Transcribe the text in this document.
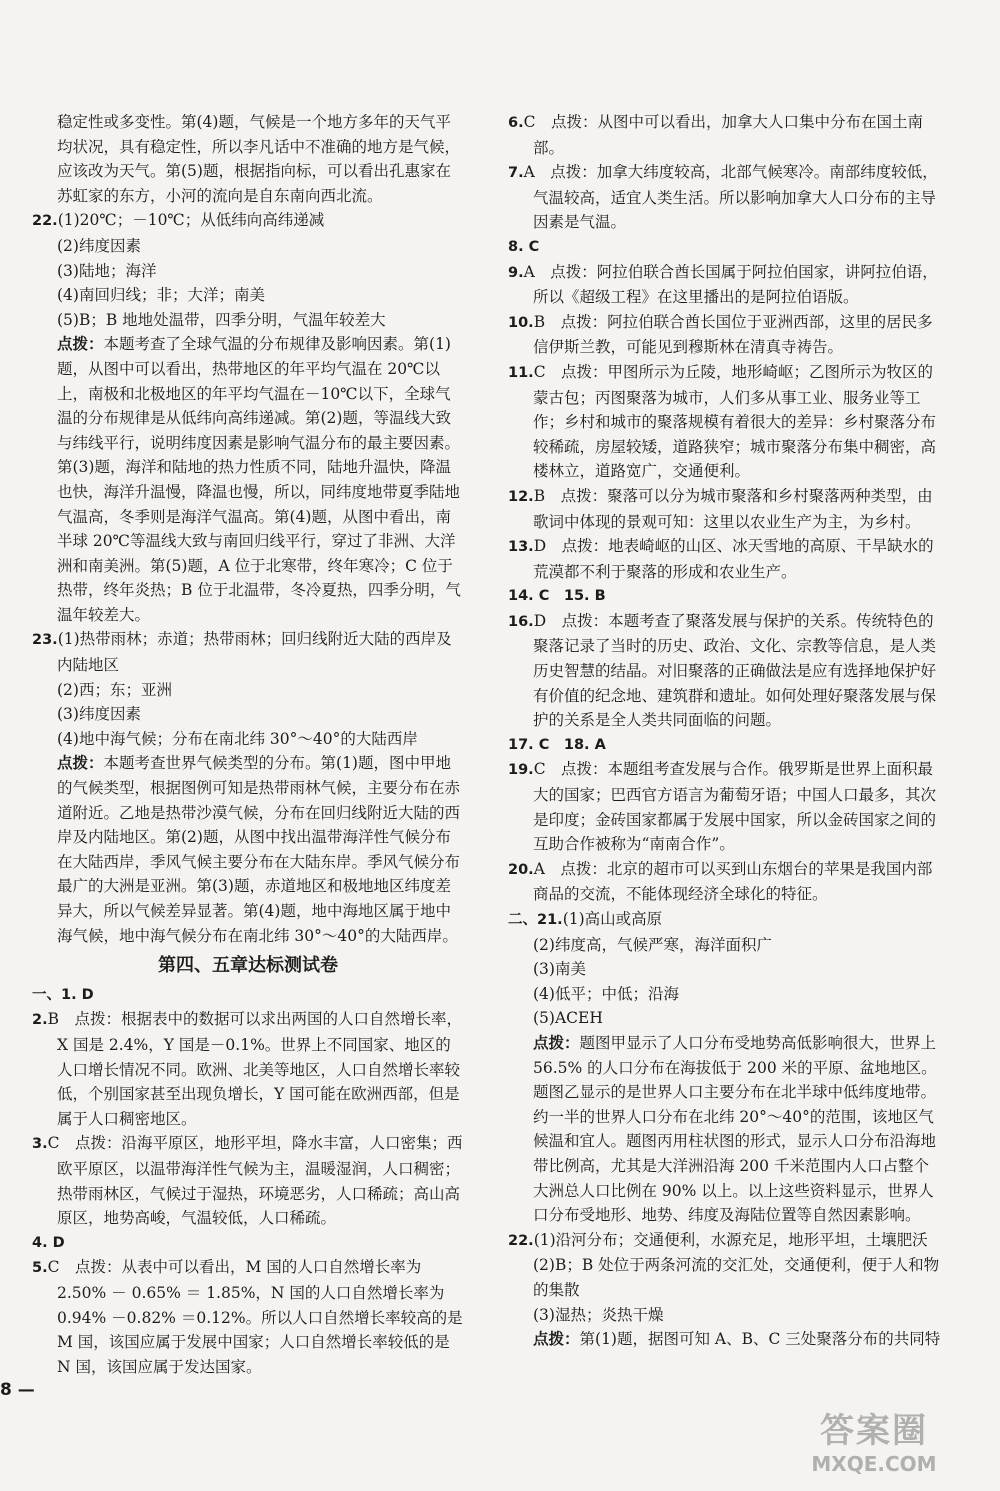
稳定性或多变性。第(4)题，气候是一个地方多年的天气平均状况，具有稳定性，所以李凡话中不准确的地方是气候，应该改为天气。第(5)题，根据指向标，可以看出孔惠家在苏虹家的东方，小河的流向是自东南向西北流。

22.(1)20℃；－10℃；从低纬向高纬递减

(2)纬度因素

(3)陆地；海洋

(4)南回归线；非；大洋；南美

(5)B；B 地地处温带，四季分明，气温年较差大

点拨：本题考查了全球气温的分布规律及影响因素。第(1)题，从图中可以看出，热带地区的年平均气温在 20℃以上，南极和北极地区的年平均气温在－10℃以下，全球气温的分布规律是从低纬向高纬递减。第(2)题，等温线大致与纬线平行，说明纬度因素是影响气温分布的最主要因素。第(3)题，海洋和陆地的热力性质不同，陆地升温快，降温也快，海洋升温慢，降温也慢，所以，同纬度地带夏季陆地气温高，冬季则是海洋气温高。第(4)题，从图中看出，南半球 20℃等温线大致与南回归线平行，穿过了非洲、大洋洲和南美洲。第(5)题，A 位于北寒带，终年寒冷；C 位于热带，终年炎热；B 位于北温带，冬冷夏热，四季分明，气温年较差大。

23.(1)热带雨林；赤道；热带雨林；回归线附近大陆的西岸及内陆地区

(2)西；东；亚洲

(3)纬度因素

(4)地中海气候；分布在南北纬 30°～40°的大陆西岸

点拨：本题考查世界气候类型的分布。第(1)题，图中甲地的气候类型，根据图例可知是热带雨林气候，主要分布在赤道附近。乙地是热带沙漠气候，分布在回归线附近大陆的西岸及内陆地区。第(2)题，从图中找出温带海洋性气候分布在大陆西岸，季风气候主要分布在大陆东岸。季风气候分布最广的大洲是亚洲。第(3)题，赤道地区和极地地区纬度差异大，所以气候差异显著。第(4)题，地中海地区属于地中海气候，地中海气候分布在南北纬 30°～40°的大陆西岸。

第四、五章达标测试卷

一、1. D

2.B　点拨：根据表中的数据可以求出两国的人口自然增长率，X 国是 2.4%，Y 国是－0.1%。世界上不同国家、地区的人口增长情况不同。欧洲、北美等地区，人口自然增长率较低，个别国家甚至出现负增长，Y 国可能在欧洲西部，但是属于人口稠密地区。

3.C　点拨：沿海平原区，地形平坦，降水丰富，人口密集；西欧平原区，以温带海洋性气候为主，温暖湿润，人口稠密；热带雨林区，气候过于湿热，环境恶劣，人口稀疏；高山高原区，地势高峻，气温较低，人口稀疏。

4. D

5.C　点拨：从表中可以看出，M 国的人口自然增长率为 2.50% － 0.65% ＝ 1.85%，N 国的人口自然增长率为 0.94% －0.82% ＝0.12%。所以人口自然增长率较高的是 M 国，该国应属于发展中国家；人口自然增长率较低的是 N 国，该国应属于发达国家。

6.C　点拨：从图中可以看出，加拿大人口集中分布在国土南部。

7.A　点拨：加拿大纬度较高，北部气候寒冷。南部纬度较低，气温较高，适宜人类生活。所以影响加拿大人口分布的主导因素是气温。

8. C

9.A　点拨：阿拉伯联合酋长国属于阿拉伯国家，讲阿拉伯语，所以《超级工程》在这里播出的是阿拉伯语版。

10.B　点拨：阿拉伯联合酋长国位于亚洲西部，这里的居民多信伊斯兰教，可能见到穆斯林在清真寺祷告。

11.C　点拨：甲图所示为丘陵，地形崎岖；乙图所示为牧区的蒙古包；丙图聚落为城市，人们多从事工业、服务业等工作；乡村和城市的聚落规模有着很大的差异：乡村聚落分布较稀疏，房屋较矮，道路狭窄；城市聚落分布集中稠密，高楼林立，道路宽广，交通便利。

12.B　点拨：聚落可以分为城市聚落和乡村聚落两种类型，由歌词中体现的景观可知：这里以农业生产为主，为乡村。

13.D　点拨：地表崎岖的山区、冰天雪地的高原、干旱缺水的荒漠都不利于聚落的形成和农业生产。

14. C　15. B

16.D　点拨：本题考查了聚落发展与保护的关系。传统特色的聚落记录了当时的历史、政治、文化、宗教等信息，是人类历史智慧的结晶。对旧聚落的正确做法是应有选择地保护好有价值的纪念地、建筑群和遗址。如何处理好聚落发展与保护的关系是全人类共同面临的问题。

17. C　18. A

19.C　点拨：本题组考查发展与合作。俄罗斯是世界上面积最大的国家；巴西官方语言为葡萄牙语；中国人口最多，其次是印度；金砖国家都属于发展中国家，所以金砖国家之间的互助合作被称为“南南合作”。

20.A　点拨：北京的超市可以买到山东烟台的苹果是我国内部商品的交流，不能体现经济全球化的特征。

二、21.(1)高山或高原

(2)纬度高，气候严寒，海洋面积广

(3)南美

(4)低平；中低；沿海

(5)ACEH

点拨：题图甲显示了人口分布受地势高低影响很大，世界上 56.5% 的人口分布在海拔低于 200 米的平原、盆地地区。题图乙显示的是世界人口主要分布在北半球中低纬度地带。约一半的世界人口分布在北纬 20°～40°的范围，该地区气候温和宜人。题图丙用柱状图的形式，显示人口分布沿海地带比例高，尤其是大洋洲沿海 200 千米范围内人口占整个大洲总人口比例在 90% 以上。以上这些资料显示，世界人口分布受地形、地势、纬度及海陆位置等自然因素影响。

22.(1)沿河分布；交通便利，水源充足，地形平坦，土壤肥沃

(2)B；B 处位于两条河流的交汇处，交通便利，便于人和物的集散

(3)湿热；炎热干燥

点拨：第(1)题，据图可知 A、B、C 三处聚落分布的共同特

8 —
答案圈
MXQE.COM
